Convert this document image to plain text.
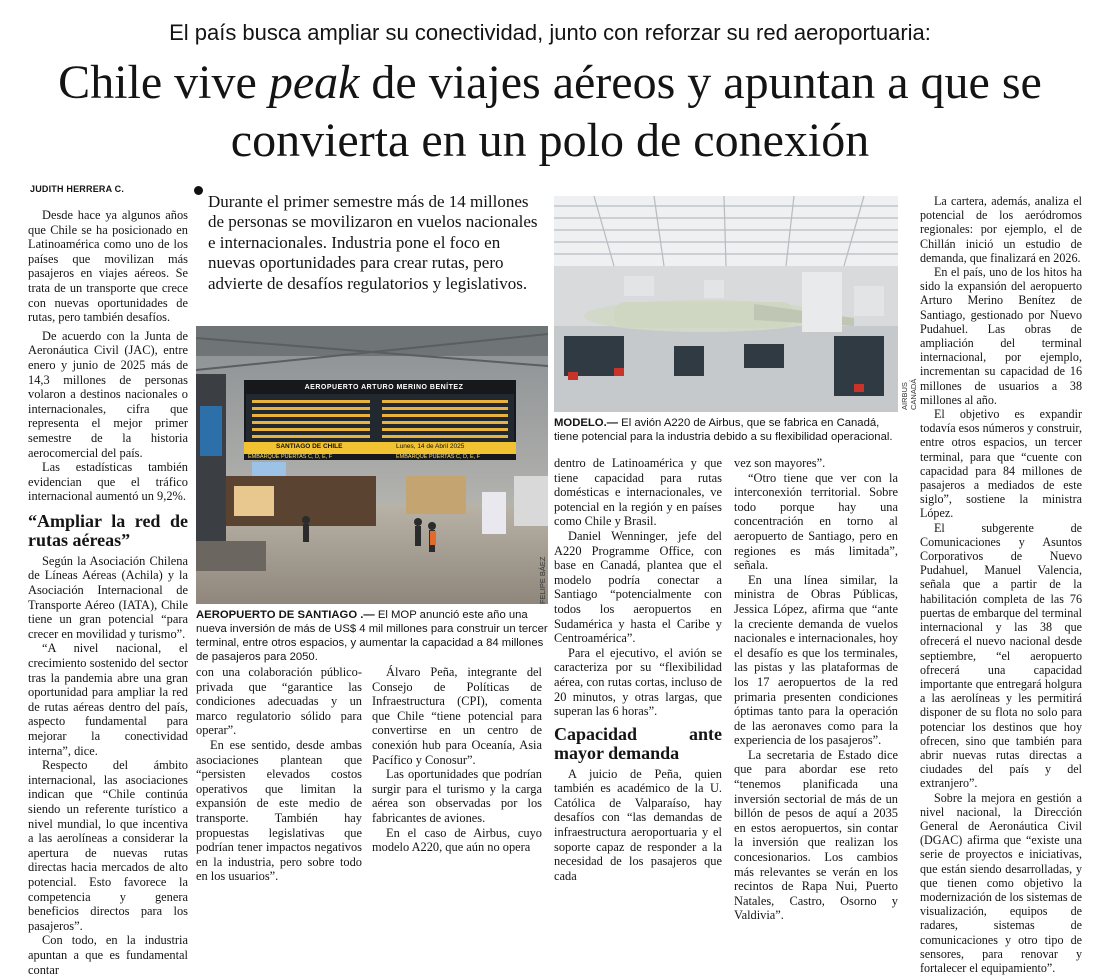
El país busca ampliar su conectividad, junto con reforzar su red aeroportuaria:
Chile vive peak de viajes aéreos y apuntan a que se convierta en un polo de conexión
JUDITH HERRERA C.

Desde hace ya algunos años que Chile se ha posicionado en Latinoamérica como uno de los países que movilizan más pasajeros en viajes aéreos. Se trata de un transporte que crece con nuevas oportunidades de rutas, pero también desafíos.

De acuerdo con la Junta de Aeronáutica Civil (JAC), entre enero y junio de 2025 más de 14,3 millones de personas volaron a destinos nacionales o internacionales, cifra que representa el mejor primer semestre de la historia aerocomercial del país.

Las estadísticas también evidencian que el tráfico internacional aumentó un 9,2%.

“Ampliar la red de rutas aéreas”

Según la Asociación Chilena de Líneas Aéreas (Achila) y la Asociación Internacional de Transporte Aéreo (IATA), Chile tiene un gran potencial “para crecer en movilidad y turismo”.

“A nivel nacional, el crecimiento sostenido del sector tras la pandemia abre una gran oportunidad para ampliar la red de rutas aéreas dentro del país, aspecto fundamental para mejorar la conectividad interna”, dice.

Respecto del ámbito internacional, las asociaciones indican que “Chile continúa siendo un referente turístico a nivel mundial, lo que incentiva a las aerolíneas a considerar la apertura de nuevas rutas directas hacia mercados de alto potencial. Esto favorece la competencia y genera beneficios directos para los pasajeros”.

Con todo, en la industria apuntan a que es fundamental contar

Durante el primer semestre más de 14 millones de personas se movilizaron en vuelos nacionales e internacionales. Industria pone el foco en nuevas oportunidades para crear rutas, pero advierte de desafíos regulatorios y legislativos.
AEROPUERTO ARTURO MERINO BENÍTEZ
SANTIAGO DE CHILE	Lunes, 14 de Abril 2025
EMBARQUE PUERTAS C, D, E, F	EMBARQUE PUERTAS C, D, E, F
FELIPE BÁEZ
AEROPUERTO DE SANTIAGO .— El MOP anunció este año una nueva inversión de más de US$ 4 mil millones para construir un tercer terminal, entre otros espacios, y aumentar la capacidad a 84 millones de pasajeros para 2050.

con una colaboración público-privada que “garantice las condiciones adecuadas y un marco regulatorio sólido para operar”.

En ese sentido, desde ambas asociaciones plantean que “persisten elevados costos operativos que limitan la expansión de este medio de transporte. También hay propuestas legislativas que podrían tener impactos negativos en la industria, pero sobre todo en los usuarios”.

Álvaro Peña, integrante del Consejo de Políticas de Infraestructura (CPI), comenta que Chile “tiene potencial para convertirse en un centro de conexión hub para Oceanía, Asia Pacífico y Conosur”.

Las oportunidades que podrían surgir para el turismo y la carga aérea son observadas por los fabricantes de aviones.

En el caso de Airbus, cuyo modelo A220, que aún no opera

AIRBUS CANADÁ
MODELO.— El avión A220 de Airbus, que se fabrica en Canadá, tiene potencial para la industria debido a su flexibilidad operacional.

dentro de Latinoamérica y que tiene capacidad para rutas domésticas e internacionales, ve potencial en la región y en países como Chile y Brasil.

Daniel Wenninger, jefe del A220 Programme Office, con base en Canadá, plantea que el modelo podría conectar a Santiago “potencialmente con todos los aeropuertos en Sudamérica y hasta el Caribe y Centroamérica”.

Para el ejecutivo, el avión se caracteriza por su “flexibilidad aérea, con rutas cortas, incluso de 20 minutos, y otras largas, que superan las 6 horas”.

Capacidad ante mayor demanda

A juicio de Peña, quien también es académico de la U. Católica de Valparaíso, hay desafíos con “las demandas de infraestructura aeroportuaria y el soporte capaz de responder a la necesidad de los pasajeros que cada

vez son mayores”.

“Otro tiene que ver con la interconexión territorial. Sobre todo porque hay una concentración en torno al aeropuerto de Santiago, pero en regiones es más limitada”, señala.

En una línea similar, la ministra de Obras Públicas, Jessica López, afirma que “ante la creciente demanda de vuelos nacionales e internacionales, hoy el desafío es que los terminales, las pistas y las plataformas de los 17 aeropuertos de la red primaria presenten condiciones óptimas tanto para la operación de las aeronaves como para la experiencia de los pasajeros”.

La secretaria de Estado dice que para abordar ese reto “tenemos planificada una inversión sectorial de más de un billón de pesos de aquí a 2035 en estos aeropuertos, sin contar la inversión que realizan los concesionarios. Los cambios más relevantes se verán en los recintos de Rapa Nui, Puerto Natales, Castro, Osorno y Valdivia”.

La cartera, además, analiza el potencial de los aeródromos regionales: por ejemplo, el de Chillán inició un estudio de demanda, que finalizará en 2026.

En el país, uno de los hitos ha sido la expansión del aeropuerto Arturo Merino Benítez de Santiago, gestionado por Nuevo Pudahuel. Las obras de ampliación del terminal internacional, por ejemplo, incrementan su capacidad de 16 millones de usuarios a 38 millones al año.

El objetivo es expandir todavía esos números y construir, entre otros espacios, un tercer terminal, para que “cuente con capacidad para 84 millones de pasajeros a mediados de este siglo”, sostiene la ministra López.

El subgerente de Comunicaciones y Asuntos Corporativos de Nuevo Pudahuel, Manuel Valencia, señala que a partir de la habilitación completa de las 76 puertas de embarque del terminal internacional y las 38 que ofrecerá el nuevo nacional desde septiembre, “el aeropuerto ofrecerá una capacidad importante que entregará holgura a las aerolíneas y les permitirá disponer de su flota no solo para potenciar los destinos que hoy ofrecen, sino que también para abrir nuevas rutas directas a ciudades del país y del extranjero”.

Sobre la mejora en gestión a nivel nacional, la Dirección General de Aeronáutica Civil (DGAC) afirma que “existe una serie de proyectos e iniciativas, que están siendo desarrolladas, y que tienen como objetivo la modernización de los sistemas de visualización, equipos de radares, sistemas de comunicaciones y otro tipo de sensores, para renovar y fortalecer el equipamiento”.
